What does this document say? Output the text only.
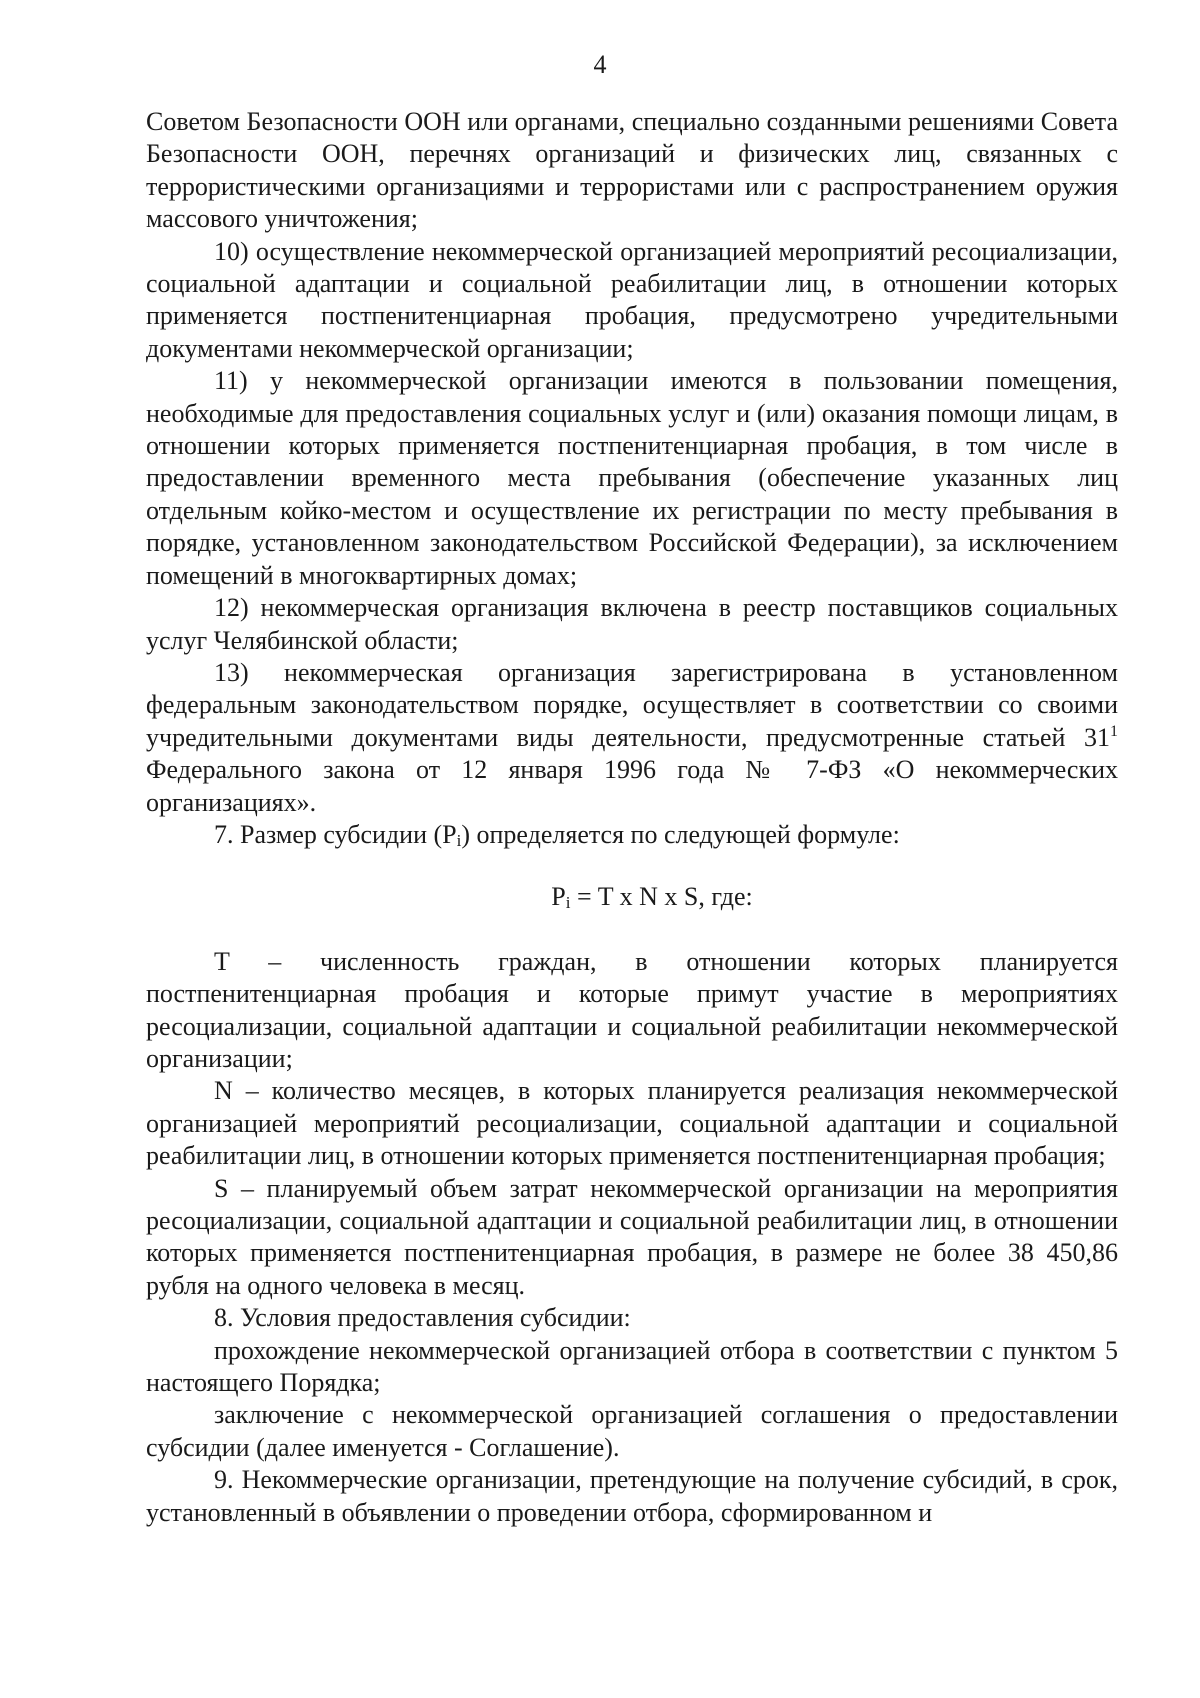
4

Советом Безопасности ООН или органами, специально созданными решениями Совета Безопасности ООН, перечнях организаций и физических лиц, связанных с террористическими организациями и террористами или с распространением оружия массового уничтожения;

10) осуществление некоммерческой организацией мероприятий ресоциализации, социальной адаптации и социальной реабилитации лиц, в отношении которых применяется постпенитенциарная пробация, предусмотрено учредительными документами некоммерческой организации;

11) у некоммерческой организации имеются в пользовании помещения, необходимые для предоставления социальных услуг и (или) оказания помощи лицам, в отношении которых применяется постпенитенциарная пробация, в том числе в предоставлении временного места пребывания (обеспечение указанных лиц отдельным койко-местом и осуществление их регистрации по месту пребывания в порядке, установленном законодательством Российской Федерации), за исключением помещений в многоквартирных домах;

12) некоммерческая организация включена в реестр поставщиков социальных услуг Челябинской области;

13) некоммерческая организация зарегистрирована в установленном федеральным законодательством порядке, осуществляет в соответствии со своими учредительными документами виды деятельности, предусмотренные статьей $31^1$ Федерального закона от 12 января 1996 года № 7-ФЗ «О некоммерческих организациях».

7. Размер субсидии $(P_i)$ определяется по следующей формуле:

$P_i = T$ x N x S, где:

T – численность граждан, в отношении которых планируется постпенитенциарная пробация и которые примут участие в мероприятиях ресоциализации, социальной адаптации и социальной реабилитации некоммерческой организации;

N – количество месяцев, в которых планируется реализация некоммерческой организацией мероприятий ресоциализации, социальной адаптации и социальной реабилитации лиц, в отношении которых применяется постпенитенциарная пробация;

S – планируемый объем затрат некоммерческой организации на мероприятия ресоциализации, социальной адаптации и социальной реабилитации лиц, в отношении которых применяется постпенитенциарная пробация, в размере не более 38 450,86 рубля на одного человека в месяц.

8. Условия предоставления субсидии:

прохождение некоммерческой организацией отбора в соответствии с пунктом 5 настоящего Порядка;

заключение с некоммерческой организацией соглашения о предоставлении субсидии (далее именуется - Соглашение).

9. Некоммерческие организации, претендующие на получение субсидий, в срок, установленный в объявлении о проведении отбора, сформированном и
